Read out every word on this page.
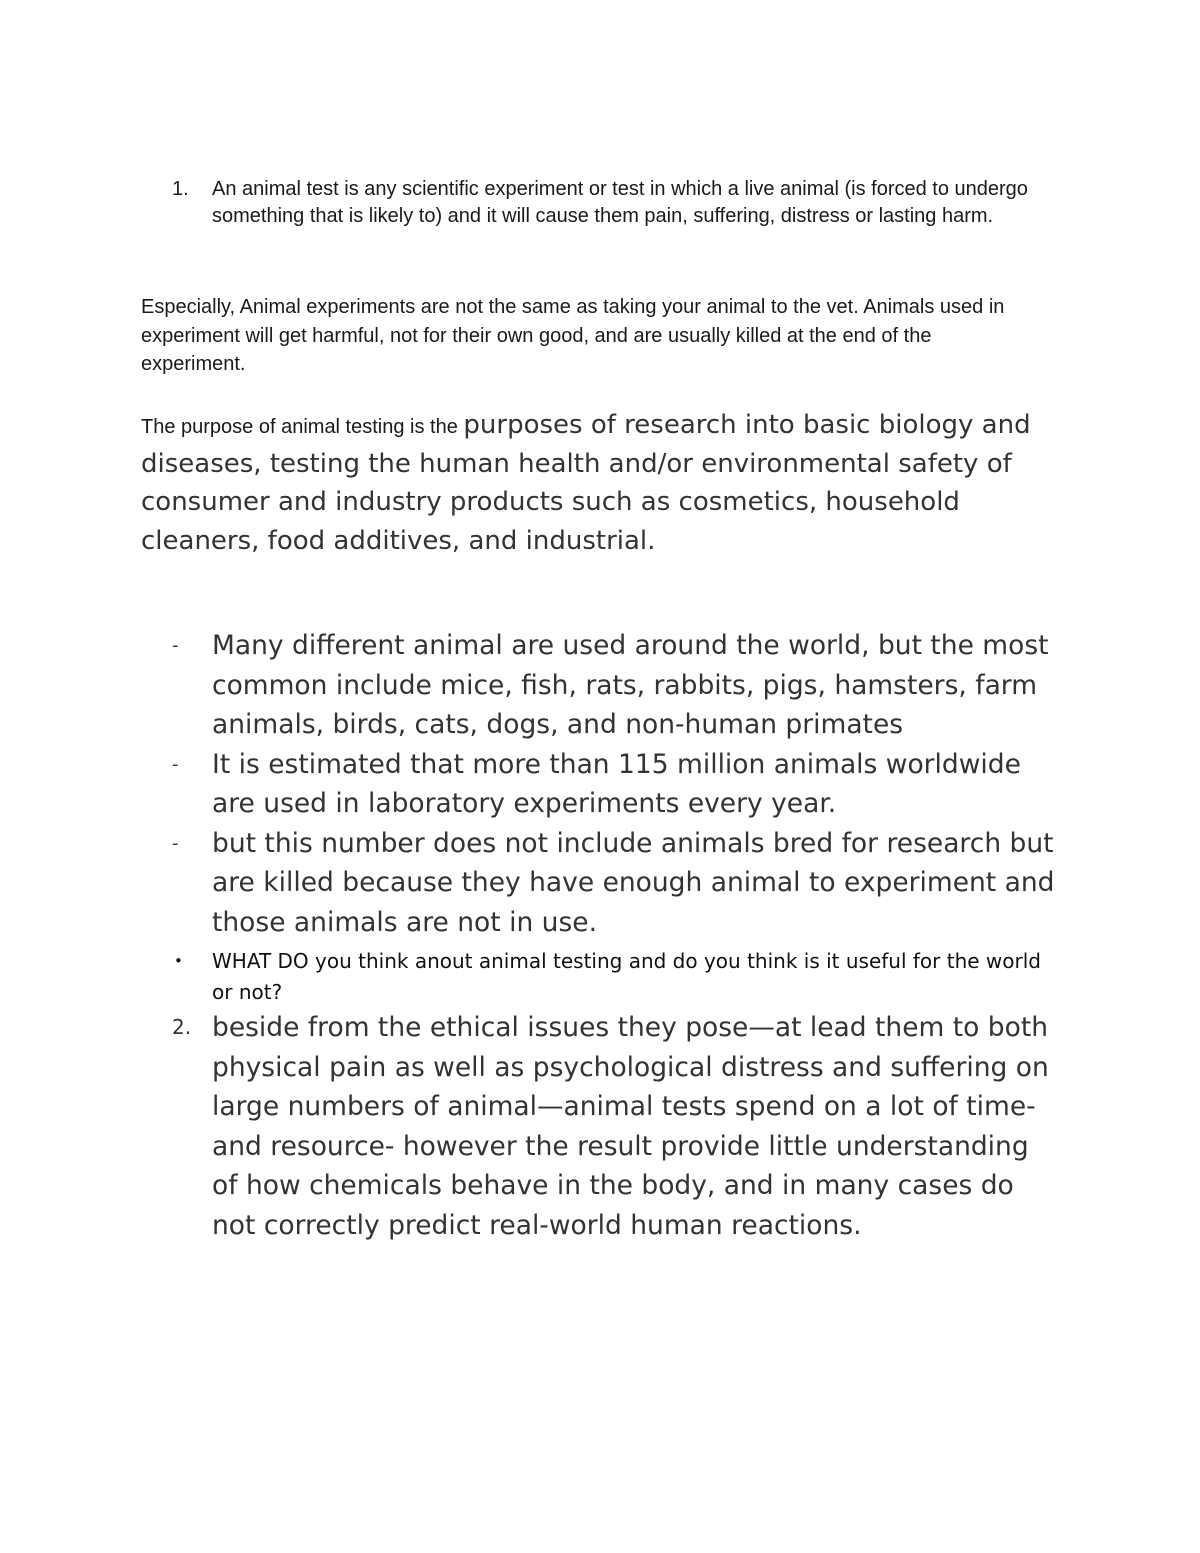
1.	An animal test is any scientific experiment or test in which a live animal (is forced to undergo something that is likely to) and it will cause them pain, suffering, distress or lasting harm.
Especially, Animal experiments are not the same as taking your animal to the vet. Animals used in experiment will get harmful, not for their own good, and are usually killed at the end of the experiment.
The purpose of animal testing is the purposes of research into basic biology and diseases, testing the human health and/or environmental safety of consumer and industry products such as cosmetics, household cleaners, food additives, and industrial.
-	Many different animal are used around the world, but the most common include mice, fish, rats, rabbits, pigs, hamsters, farm animals, birds, cats, dogs, and non-human primates
-	It is estimated that more than 115 million animals worldwide are used in laboratory experiments every year.
-	but this number does not include animals bred for research but are killed because they have enough animal to experiment and those animals are not in use.
•	WHAT DO you think anout animal testing and do you think is it useful for the world or not?
2. beside from the ethical issues they pose—at lead them to both physical pain as well as psychological distress and suffering on large numbers of animal—animal tests spend on a lot of time- and resource- however the result provide little understanding of how chemicals behave in the body, and in many cases do not correctly predict real-world human reactions.
